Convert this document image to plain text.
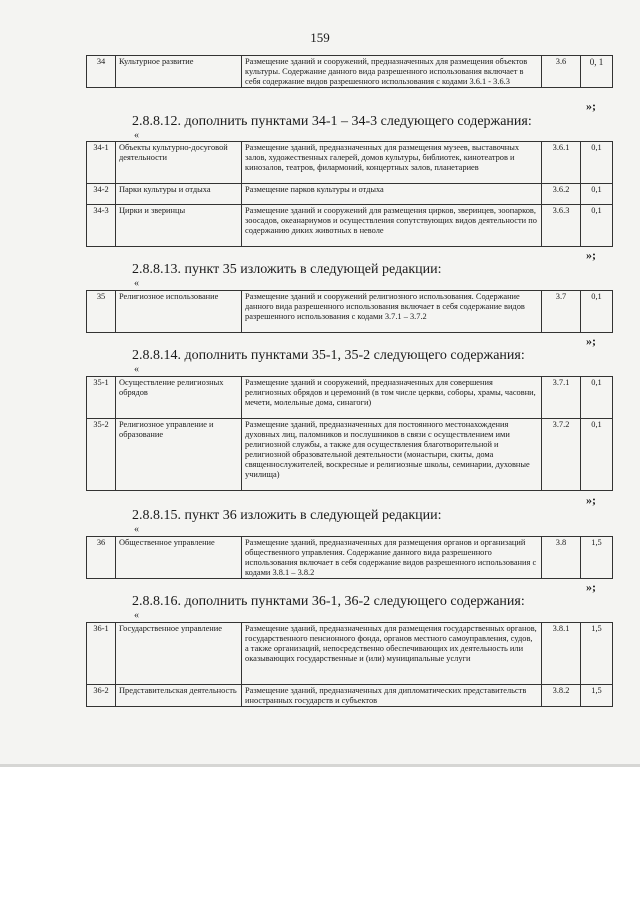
159
34	Культурное развитие	Размещение зданий и сооружений, предназначенных для размещения объектов культуры. Содержание данного вида разрешенного использования включает в себя содержание видов разрешенного использования с кодами 3.6.1 - 3.6.3	3.6	0, 1
»;
2.8.8.12. дополнить пунктами 34-1 – 34-3 следующего содержания:
«
34-1	Объекты культурно-досуговой деятельности	Размещение зданий, предназначенных для размещения музеев, выставочных залов, художественных галерей, домов культуры, библиотек, кинотеатров и кинозалов, театров, филармоний, концертных залов, планетариев	3.6.1	0,1
34-2	Парки культуры и отдыха	Размещение парков культуры и отдыха	3.6.2	0,1
34-3	Цирки и зверинцы	Размещение зданий и сооружений для размещения цирков, зверинцев, зоопарков, зоосадов, океанариумов и осуществления сопутствующих видов деятельности по содержанию диких животных в неволе	3.6.3	0,1
»;
2.8.8.13. пункт 35 изложить в следующей редакции:
«
35	Религиозное использование	Размещение зданий и сооружений религиозного использования. Содержание данного вида разрешенного использования включает в себя содержание видов разрешенного использования с кодами 3.7.1 – 3.7.2	3.7	0,1
»;
2.8.8.14. дополнить пунктами 35-1, 35-2 следующего содержания:
«
35-1	Осуществление религиозных обрядов	Размещение зданий и сооружений, предназначенных для совершения религиозных обрядов и церемоний (в том числе церкви, соборы, храмы, часовни, мечети, молельные дома, синагоги)	3.7.1	0,1
35-2	Религиозное управление и образование	Размещение зданий, предназначенных для постоянного местонахождения духовных лиц, паломников и послушников в связи с осуществлением ими религиозной службы, а также для осуществления благотворительной и религиозной образовательной деятельности (монастыри, скиты, дома священнослужителей, воскресные и религиозные школы, семинарии, духовные училища)	3.7.2	0,1
»;
2.8.8.15. пункт 36 изложить в следующей редакции:
«
36	Общественное управление	Размещение зданий, предназначенных для размещения органов и организаций общественного управления. Содержание данного вида разрешенного использования включает в себя содержание видов разрешенного использования с кодами 3.8.1 – 3.8.2	3.8	1,5
»;
2.8.8.16. дополнить пунктами 36-1, 36-2 следующего содержания:
«
36-1	Государственное управление	Размещение зданий, предназначенных для размещения государственных органов, государственного пенсионного фонда, органов местного самоуправления, судов, а также организаций, непосредственно обеспечивающих их деятельность или оказывающих государственные и (или) муниципальные услуги	3.8.1	1,5
36-2	Представительская деятельность	Размещение зданий, предназначенных для дипломатических представительств иностранных государств и субъектов	3.8.2	1,5
